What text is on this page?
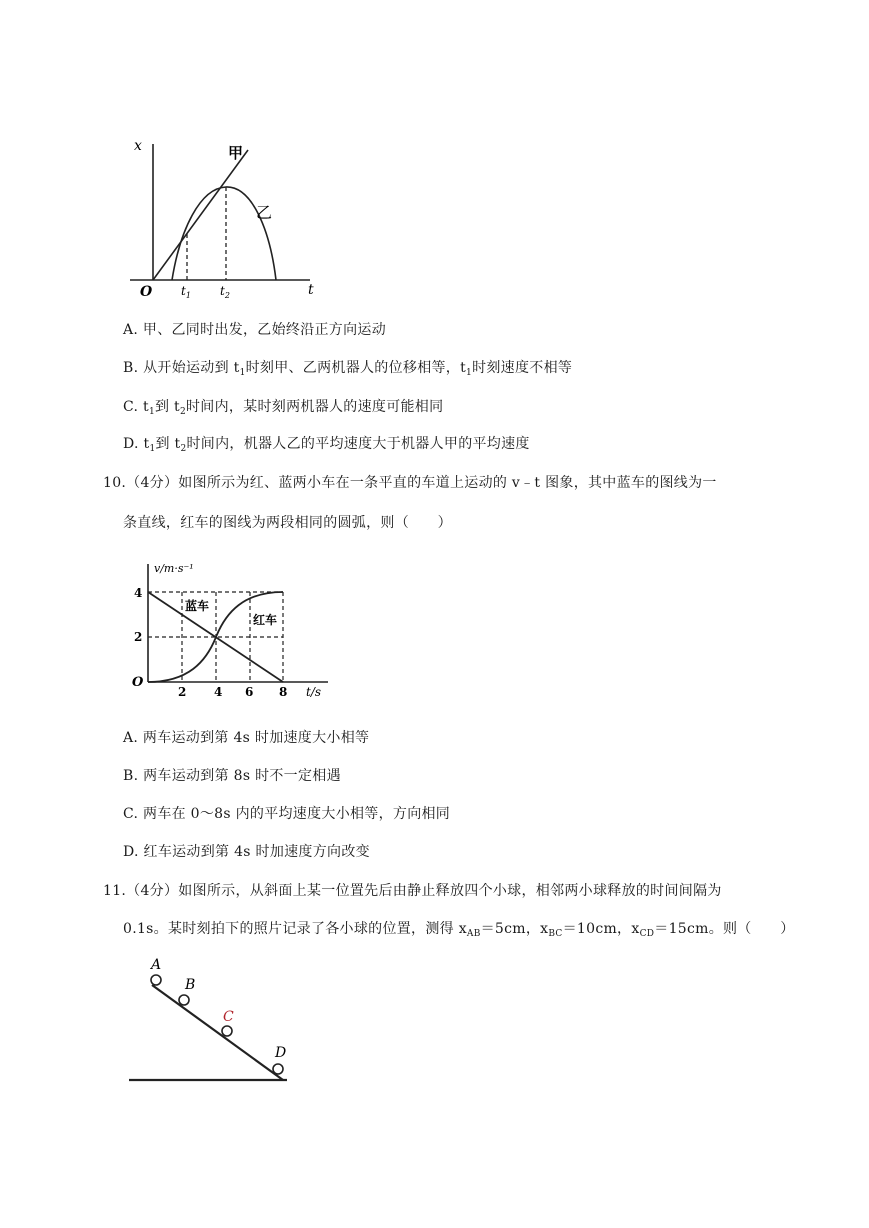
x
t
O
甲
乙
$t_1$ $t_2$
A. 甲、乙同时出发，乙始终沿正方向运动
B. 从开始运动到 $t_1$时刻甲、乙两机器人的位移相等，$t_1$时刻速度不相等
C. $t_1$到 $t_2$时间内，某时刻两机器人的速度可能相同
D. $t_1$到 $t_2$时间内，机器人乙的平均速度大于机器人甲的平均速度
10.（4分）如图所示为红、蓝两小车在一条平直的车道上运动的 v﹣t 图象，其中蓝车的图线为一
条直线，红车的图线为两段相同的圆弧，则（　　）
v/m·s⁻¹
t/s
O
4
2
2 4 6 8
蓝车
红车
A. 两车运动到第 4s 时加速度大小相等
B. 两车运动到第 8s 时不一定相遇
C. 两车在 0～8s 内的平均速度大小相等，方向相同
D. 红车运动到第 4s 时加速度方向改变
11.（4分）如图所示，从斜面上某一位置先后由静止释放四个小球，相邻两小球释放的时间间隔为
0.1s。某时刻拍下的照片记录了各小球的位置，测得 $x_{AB}=5cm$，$x_{BC}=10cm$，$x_{CD}=15cm$。则（　　）
A
B
C
D
